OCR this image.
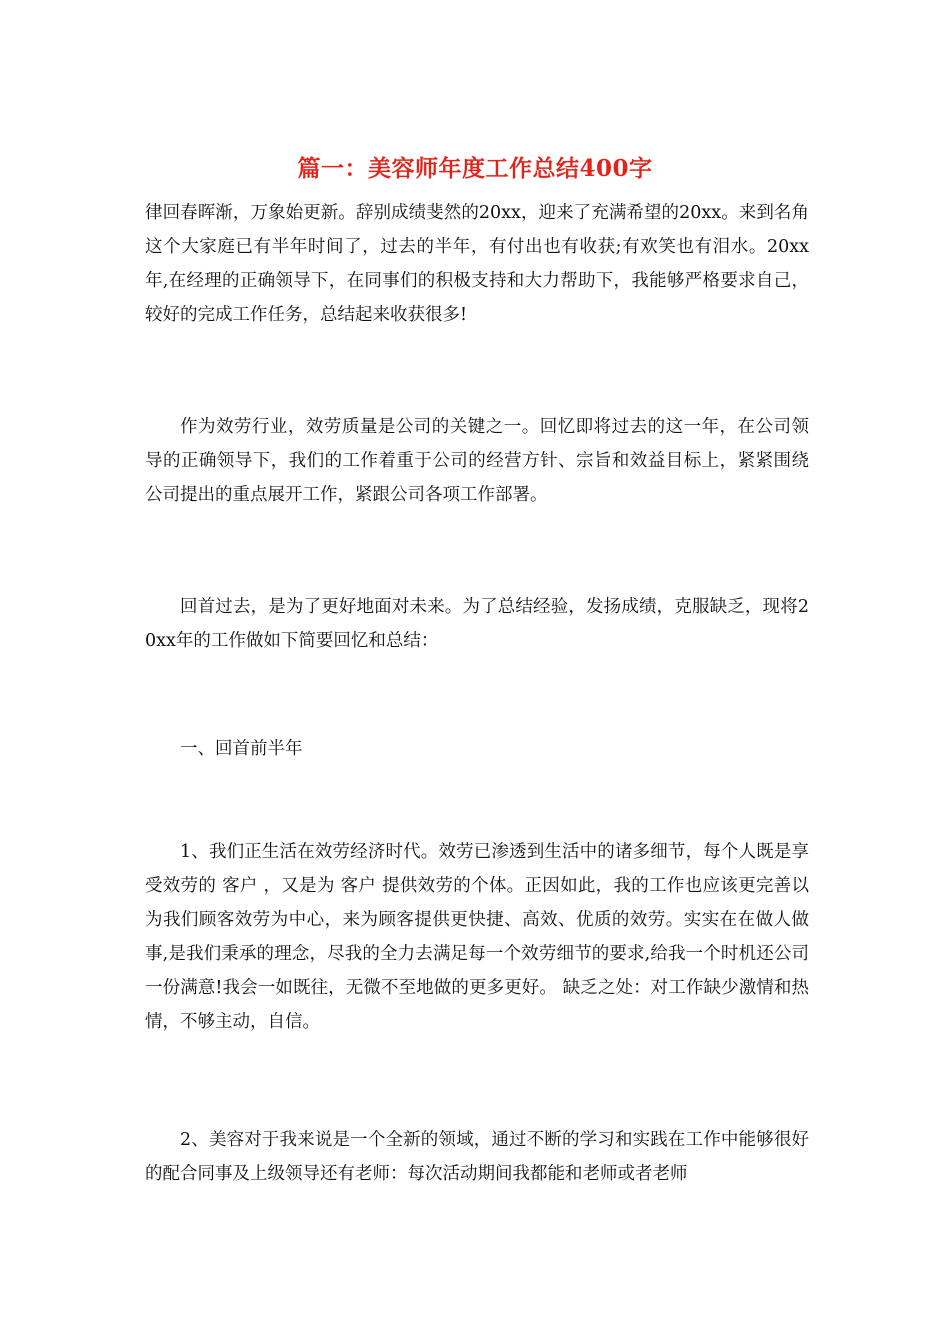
篇一：美容师年度工作总结400字

律回春晖渐，万象始更新。辞别成绩斐然的20xx，迎来了充满希望的20xx。来到名角这个大家庭已有半年时间了，过去的半年，有付出也有收获;有欢笑也有泪水。20xx年,在经理的正确领导下，在同事们的积极支持和大力帮助下，我能够严格要求自己，较好的完成工作任务，总结起来收获很多!

作为效劳行业，效劳质量是公司的关键之一。回忆即将过去的这一年，在公司领导的正确领导下，我们的工作着重于公司的经营方针、宗旨和效益目标上，紧紧围绕公司提出的重点展开工作，紧跟公司各项工作部署。

回首过去，是为了更好地面对未来。为了总结经验，发扬成绩，克服缺乏，现将20xx年的工作做如下简要回忆和总结：

一、回首前半年

1、我们正生活在效劳经济时代。效劳已渗透到生活中的诸多细节，每个人既是享受效劳的 客户 ，又是为 客户 提供效劳的个体。正因如此，我的工作也应该更完善以为我们顾客效劳为中心，来为顾客提供更快捷、高效、优质的效劳。实实在在做人做事,是我们秉承的理念，尽我的全力去满足每一个效劳细节的要求,给我一个时机还公司一份满意!我会一如既往，无微不至地做的更多更好。 缺乏之处：对工作缺少激情和热情，不够主动，自信。

2、美容对于我来说是一个全新的领域，通过不断的学习和实践在工作中能够很好的配合同事及上级领导还有老师：每次活动期间我都能和老师或者老师
